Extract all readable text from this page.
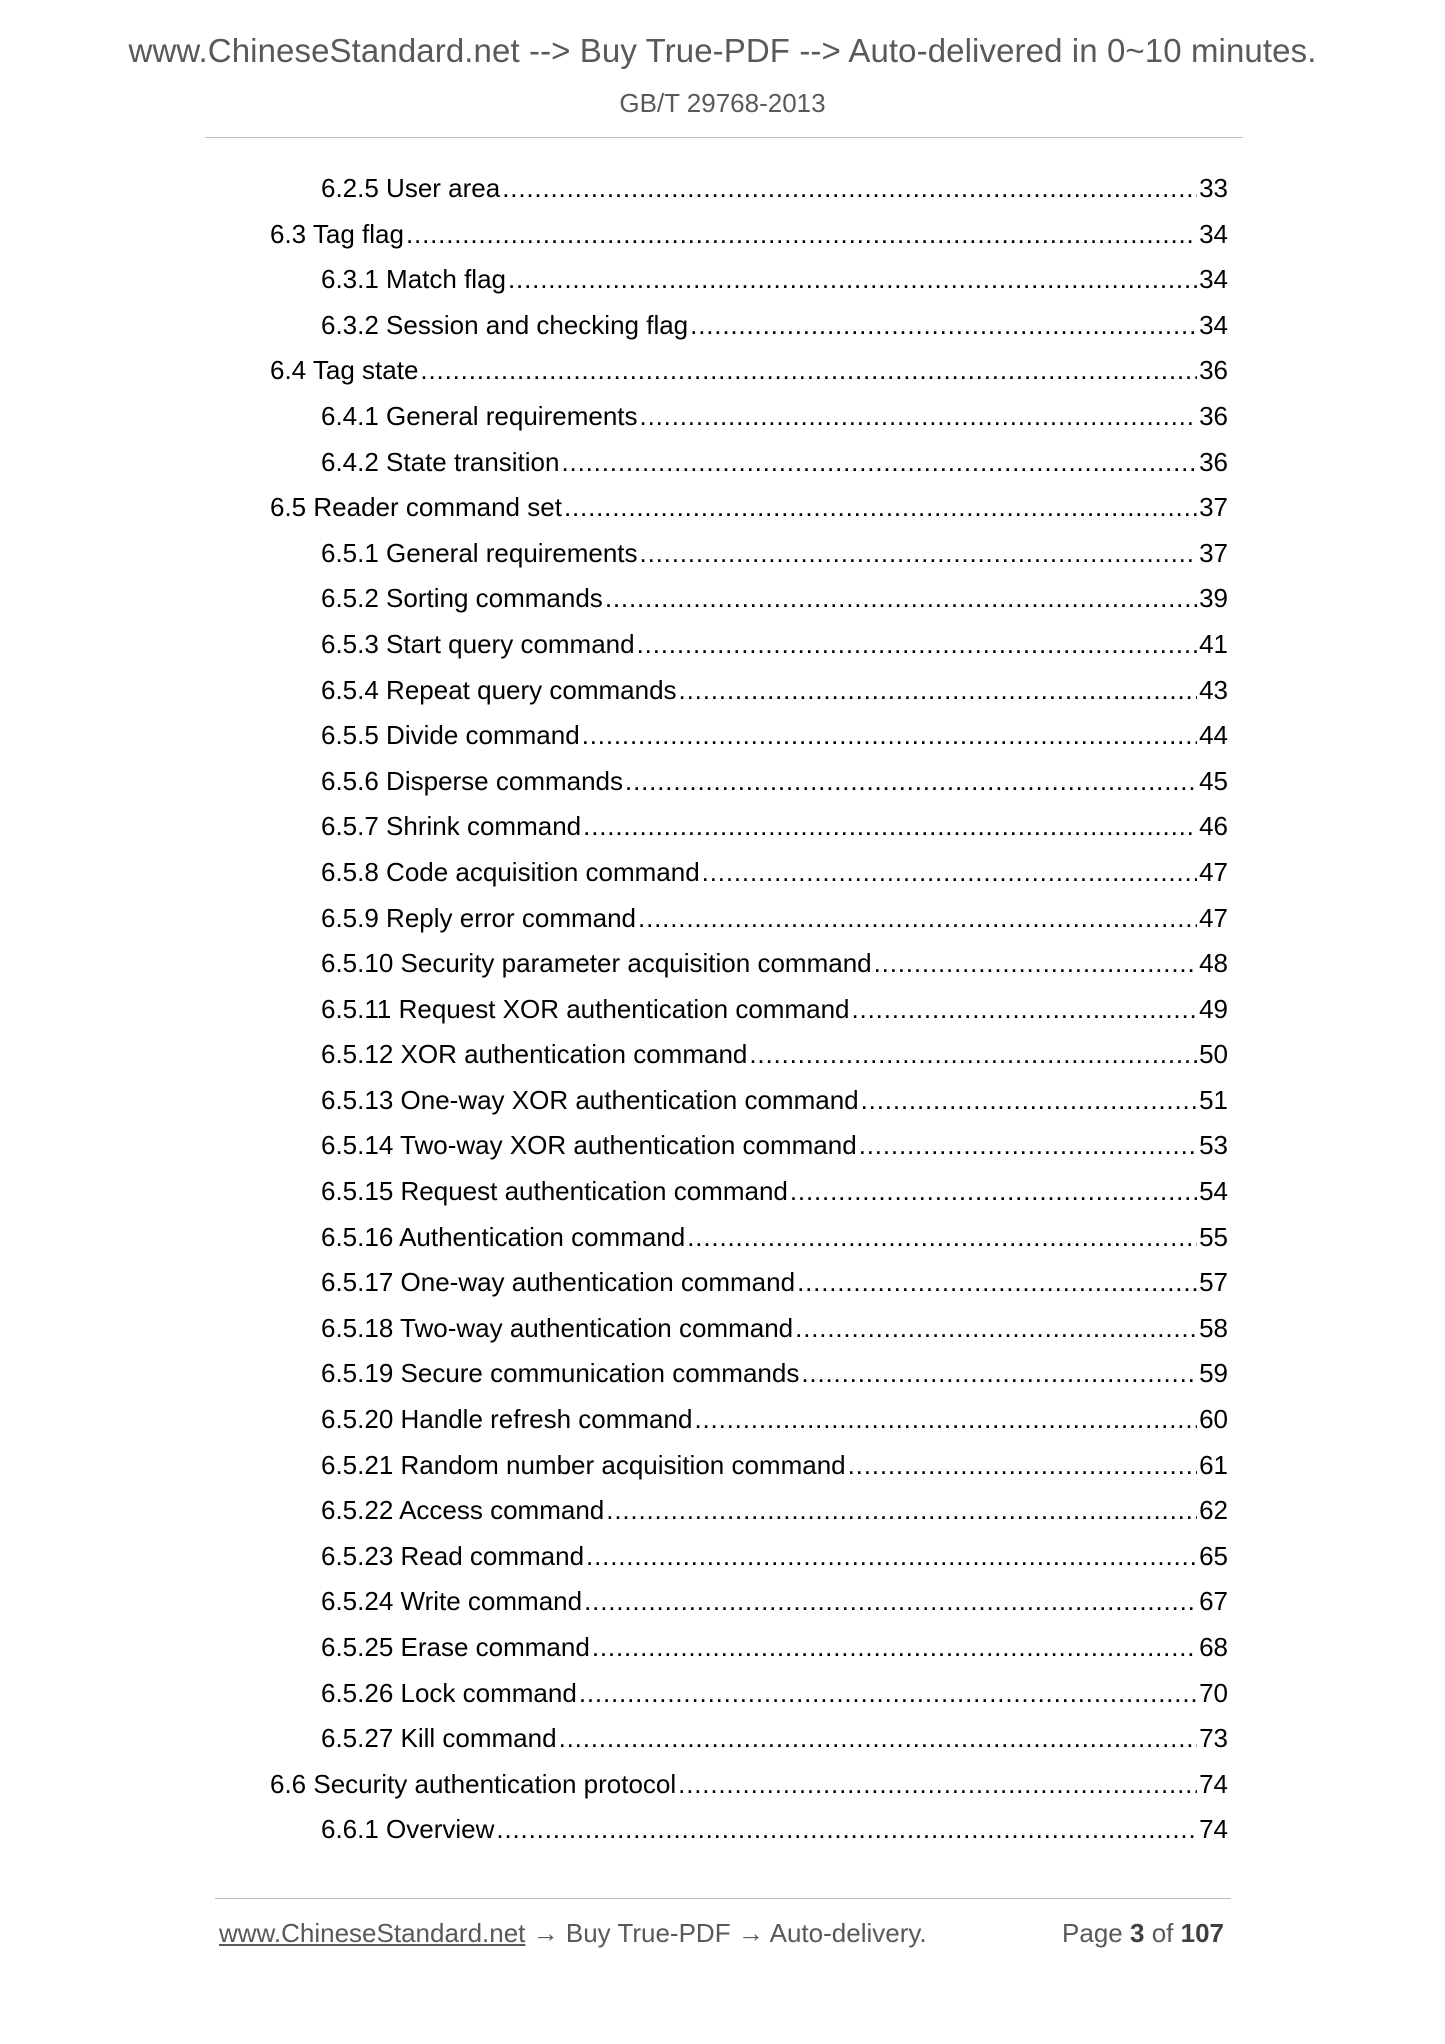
www.ChineseStandard.net --> Buy True-PDF --> Auto-delivered in 0~10 minutes.
GB/T 29768-2013
6.2.5 User area . . .	33
6.3 Tag flag . . .	34
6.3.1 Match flag . . .	34
6.3.2 Session and checking flag . . .	34
6.4 Tag state . . .	36
6.4.1 General requirements . . .	36
6.4.2 State transition . . .	36
6.5 Reader command set . . .	37
6.5.1 General requirements . . .	37
6.5.2 Sorting commands . . .	39
6.5.3 Start query command . . .	41
6.5.4 Repeat query commands . . .	43
6.5.5 Divide command . . .	44
6.5.6 Disperse commands . . .	45
6.5.7 Shrink command . . .	46
6.5.8 Code acquisition command . . .	47
6.5.9 Reply error command . . .	47
6.5.10 Security parameter acquisition command . . .	48
6.5.11 Request XOR authentication command . . .	49
6.5.12 XOR authentication command . . .	50
6.5.13 One-way XOR authentication command . . .	51
6.5.14 Two-way XOR authentication command . . .	53
6.5.15 Request authentication command . . .	54
6.5.16 Authentication command . . .	55
6.5.17 One-way authentication command . . .	57
6.5.18 Two-way authentication command . . .	58
6.5.19 Secure communication commands . . .	59
6.5.20 Handle refresh command . . .	60
6.5.21 Random number acquisition command . . .	61
6.5.22 Access command . . .	62
6.5.23 Read command . . .	65
6.5.24 Write command . . .	67
6.5.25 Erase command . . .	68
6.5.26 Lock command . . .	70
6.5.27 Kill command . . .	73
6.6 Security authentication protocol . . .	74
6.6.1 Overview . . .	74
www.ChineseStandard.net → Buy True-PDF → Auto-delivery.	Page 3 of 107
